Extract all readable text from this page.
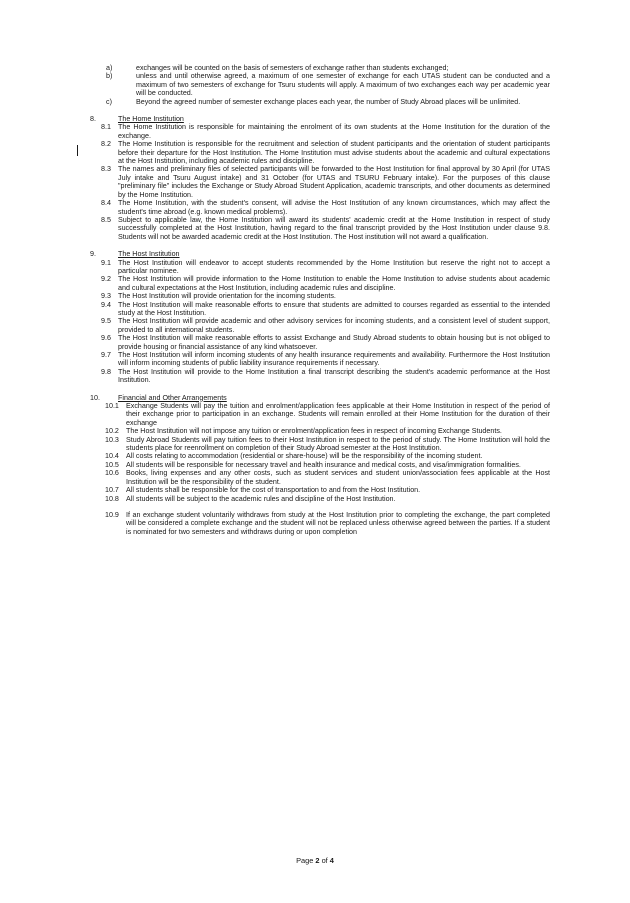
a)	exchanges will be counted on the basis of semesters of exchange rather than students exchanged;
b)	unless and until otherwise agreed, a maximum of one semester of exchange for each UTAS student can be conducted and a maximum of two semesters of exchange for Tsuru students will apply. A maximum of two exchanges each way per academic year will be conducted.
c)	Beyond the agreed number of semester exchange places each year, the number of Study Abroad places will be unlimited.
8.	The Home Institution
8.1 The Home Institution is responsible for maintaining the enrolment of its own students at the Home Institution for the duration of the exchange.
8.2 The Home Institution is responsible for the recruitment and selection of student participants and the orientation of student participants before their departure for the Host Institution. The Home Institution must advise students about the academic and cultural expectations at the Host Institution, including academic rules and discipline.
8.3 The names and preliminary files of selected participants will be forwarded to the Host Institution for final approval by 30 April (for UTAS July intake and Tsuru August intake) and 31 October (for UTAS and TSURU February intake). For the purposes of this clause "preliminary file" includes the Exchange or Study Abroad Student Application, academic transcripts, and other documents as determined by the Home Institution.
8.4 The Home Institution, with the student's consent, will advise the Host Institution of any known circumstances, which may affect the student's time abroad (e.g. known medical problems).
8.5 Subject to applicable law, the Home Institution will award its students' academic credit at the Home Institution in respect of study successfully completed at the Host Institution, having regard to the final transcript provided by the Host Institution under clause 9.8. Students will not be awarded academic credit at the Host Institution. The Host institution will not award a qualification.
9.	The Host Institution
9.1 The Host Institution will endeavor to accept students recommended by the Home Institution but reserve the right not to accept a particular nominee.
9.2 The Host Institution will provide information to the Home Institution to enable the Home Institution to advise students about academic and cultural expectations at the Host Institution, including academic rules and discipline.
9.3 The Host Institution will provide orientation for the incoming students.
9.4 The Host Institution will make reasonable efforts to ensure that students are admitted to courses regarded as essential to the intended study at the Host Institution.
9.5 The Host Institution will provide academic and other advisory services for incoming students, and a consistent level of student support, provided to all international students.
9.6 The Host Institution will make reasonable efforts to assist Exchange and Study Abroad students to obtain housing but is not obliged to provide housing or financial assistance of any kind whatsoever.
9.7 The Host Institution will inform incoming students of any health insurance requirements and availability. Furthermore the Host Institution will inform incoming students of public liability insurance requirements if necessary.
9.8 The Host Institution will provide to the Home Institution a final transcript describing the student's academic performance at the Host Institution.
10.	Financial and Other Arrangements
10.1 Exchange Students will pay the tuition and enrolment/application fees applicable at their Home Institution in respect of the period of their exchange prior to participation in an exchange. Students will remain enrolled at their Home Institution for the duration of their exchange
10.2 The Host Institution will not impose any tuition or enrolment/application fees in respect of incoming Exchange Students.
10.3 Study Abroad Students will pay tuition fees to their Host Institution in respect to the period of study. The Home Institution will hold the students place for reenrollment on completion of their Study Abroad semester at the Host Institution.
10.4 All costs relating to accommodation (residential or share-house) will be the responsibility of the incoming student.
10.5 All students will be responsible for necessary travel and health insurance and medical costs, and visa/immigration formalities.
10.6 Books, living expenses and any other costs, such as student services and student union/association fees applicable at the Host Institution will be the responsibility of the student.
10.7 All students shall be responsible for the cost of transportation to and from the Host Institution.
10.8 All students will be subject to the academic rules and discipline of the Host Institution.
10.9 If an exchange student voluntarily withdraws from study at the Host Institution prior to completing the exchange, the part completed will be considered a complete exchange and the student will not be replaced unless otherwise agreed between the parties. If a student is nominated for two semesters and withdraws during or upon completion
Page 2 of 4
